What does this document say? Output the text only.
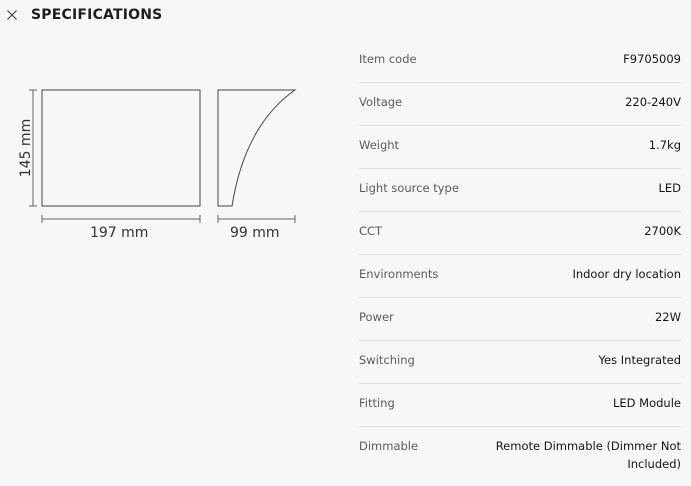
SPECIFICATIONS
145 mm
197 mm	99 mm
Item code	F9705009
Voltage	220-240V
Weight	1.7kg
Light source type	LED
CCT	2700K
Environments	Indoor dry location
Power	22W
Switching	Yes Integrated
Fitting	LED Module
Dimmable	Remote Dimmable (Dimmer Not Included)
